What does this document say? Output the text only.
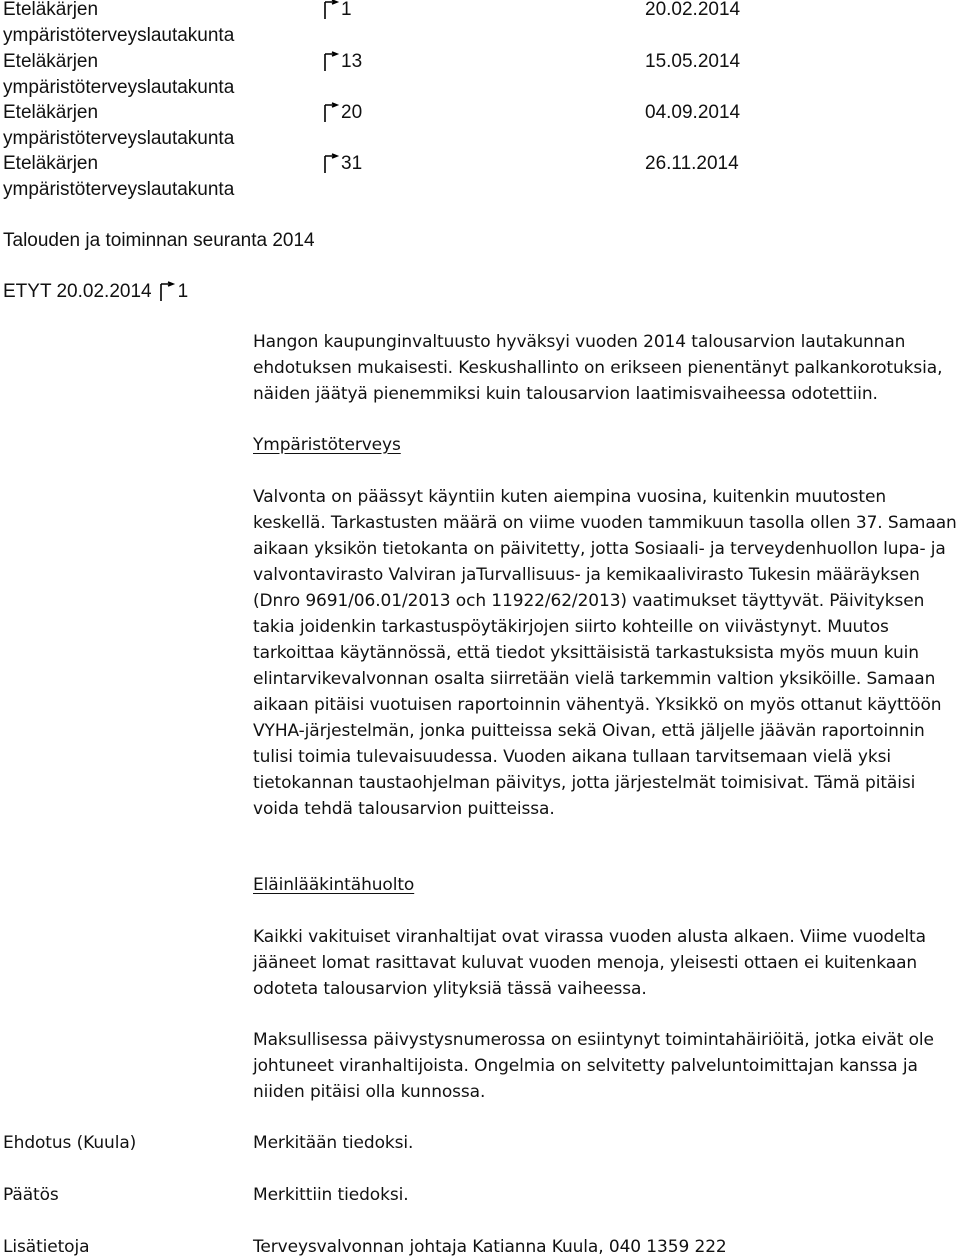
Eteläkärjen
ympäristöterveyslautakunta
1	20.02.2014
Eteläkärjen
ympäristöterveyslautakunta
13	15.05.2014
Eteläkärjen
ympäristöterveyslautakunta
20	04.09.2014
Eteläkärjen
ympäristöterveyslautakunta
31	26.11.2014
Talouden ja toiminnan seuranta 2014
ETYT 20.02.2014 1
Hangon kaupunginvaltuusto hyväksyi vuoden 2014 talousarvion lautakunnan ehdotuksen mukaisesti. Keskushallinto on erikseen pienentänyt palkankorotuksia, näiden jäätyä pienemmiksi kuin talousarvion laatimisvaiheessa odotettiin.
Ympäristöterveys
Valvonta on päässyt käyntiin kuten aiempina vuosina, kuitenkin muutosten keskellä. Tarkastusten määrä on viime vuoden tammikuun tasolla ollen 37. Samaan aikaan yksikön tietokanta on päivitetty, jotta Sosiaali- ja terveydenhuollon lupa- ja valvontavirasto Valviran jaTurvallisuus- ja kemikaalivirasto Tukesin määräyksen (Dnro 9691/06.01/2013 och 11922/62/2013) vaatimukset täyttyvät. Päivityksen takia joidenkin tarkastuspöytäkirjojen siirto kohteille on viivästynyt. Muutos tarkoittaa käytännössä, että tiedot yksittäisistä tarkastuksista myös muun kuin elintarvikevalvonnan osalta siirretään vielä tarkemmin valtion yksiköille. Samaan aikaan pitäisi vuotuisen raportoinnin vähentyä. Yksikkö on myös ottanut käyttöön VYHA-järjestelmän, jonka puitteissa sekä Oivan, että jäljelle jäävän raportoinnin tulisi toimia tulevaisuudessa. Vuoden aikana tullaan tarvitsemaan vielä yksi tietokannan taustaohjelman päivitys, jotta järjestelmät toimisivat. Tämä pitäisi voida tehdä talousarvion puitteissa.
Eläinlääkintähuolto
Kaikki vakituiset viranhaltijat ovat virassa vuoden alusta alkaen. Viime vuodelta jääneet lomat rasittavat kuluvat vuoden menoja, yleisesti ottaen ei kuitenkaan odoteta talousarvion ylityksiä tässä vaiheessa.
Maksullisessa päivystysnumerossa on esiintynyt toimintahäiriöitä, jotka eivät ole johtuneet viranhaltijoista. Ongelmia on selvitetty palveluntoimittajan kanssa ja niiden pitäisi olla kunnossa.
Ehdotus (Kuula)	Merkitään tiedoksi.
Päätös	Merkittiin tiedoksi.
Lisätietoja	Terveysvalvonnan johtaja Katianna Kuula, 040 1359 222
